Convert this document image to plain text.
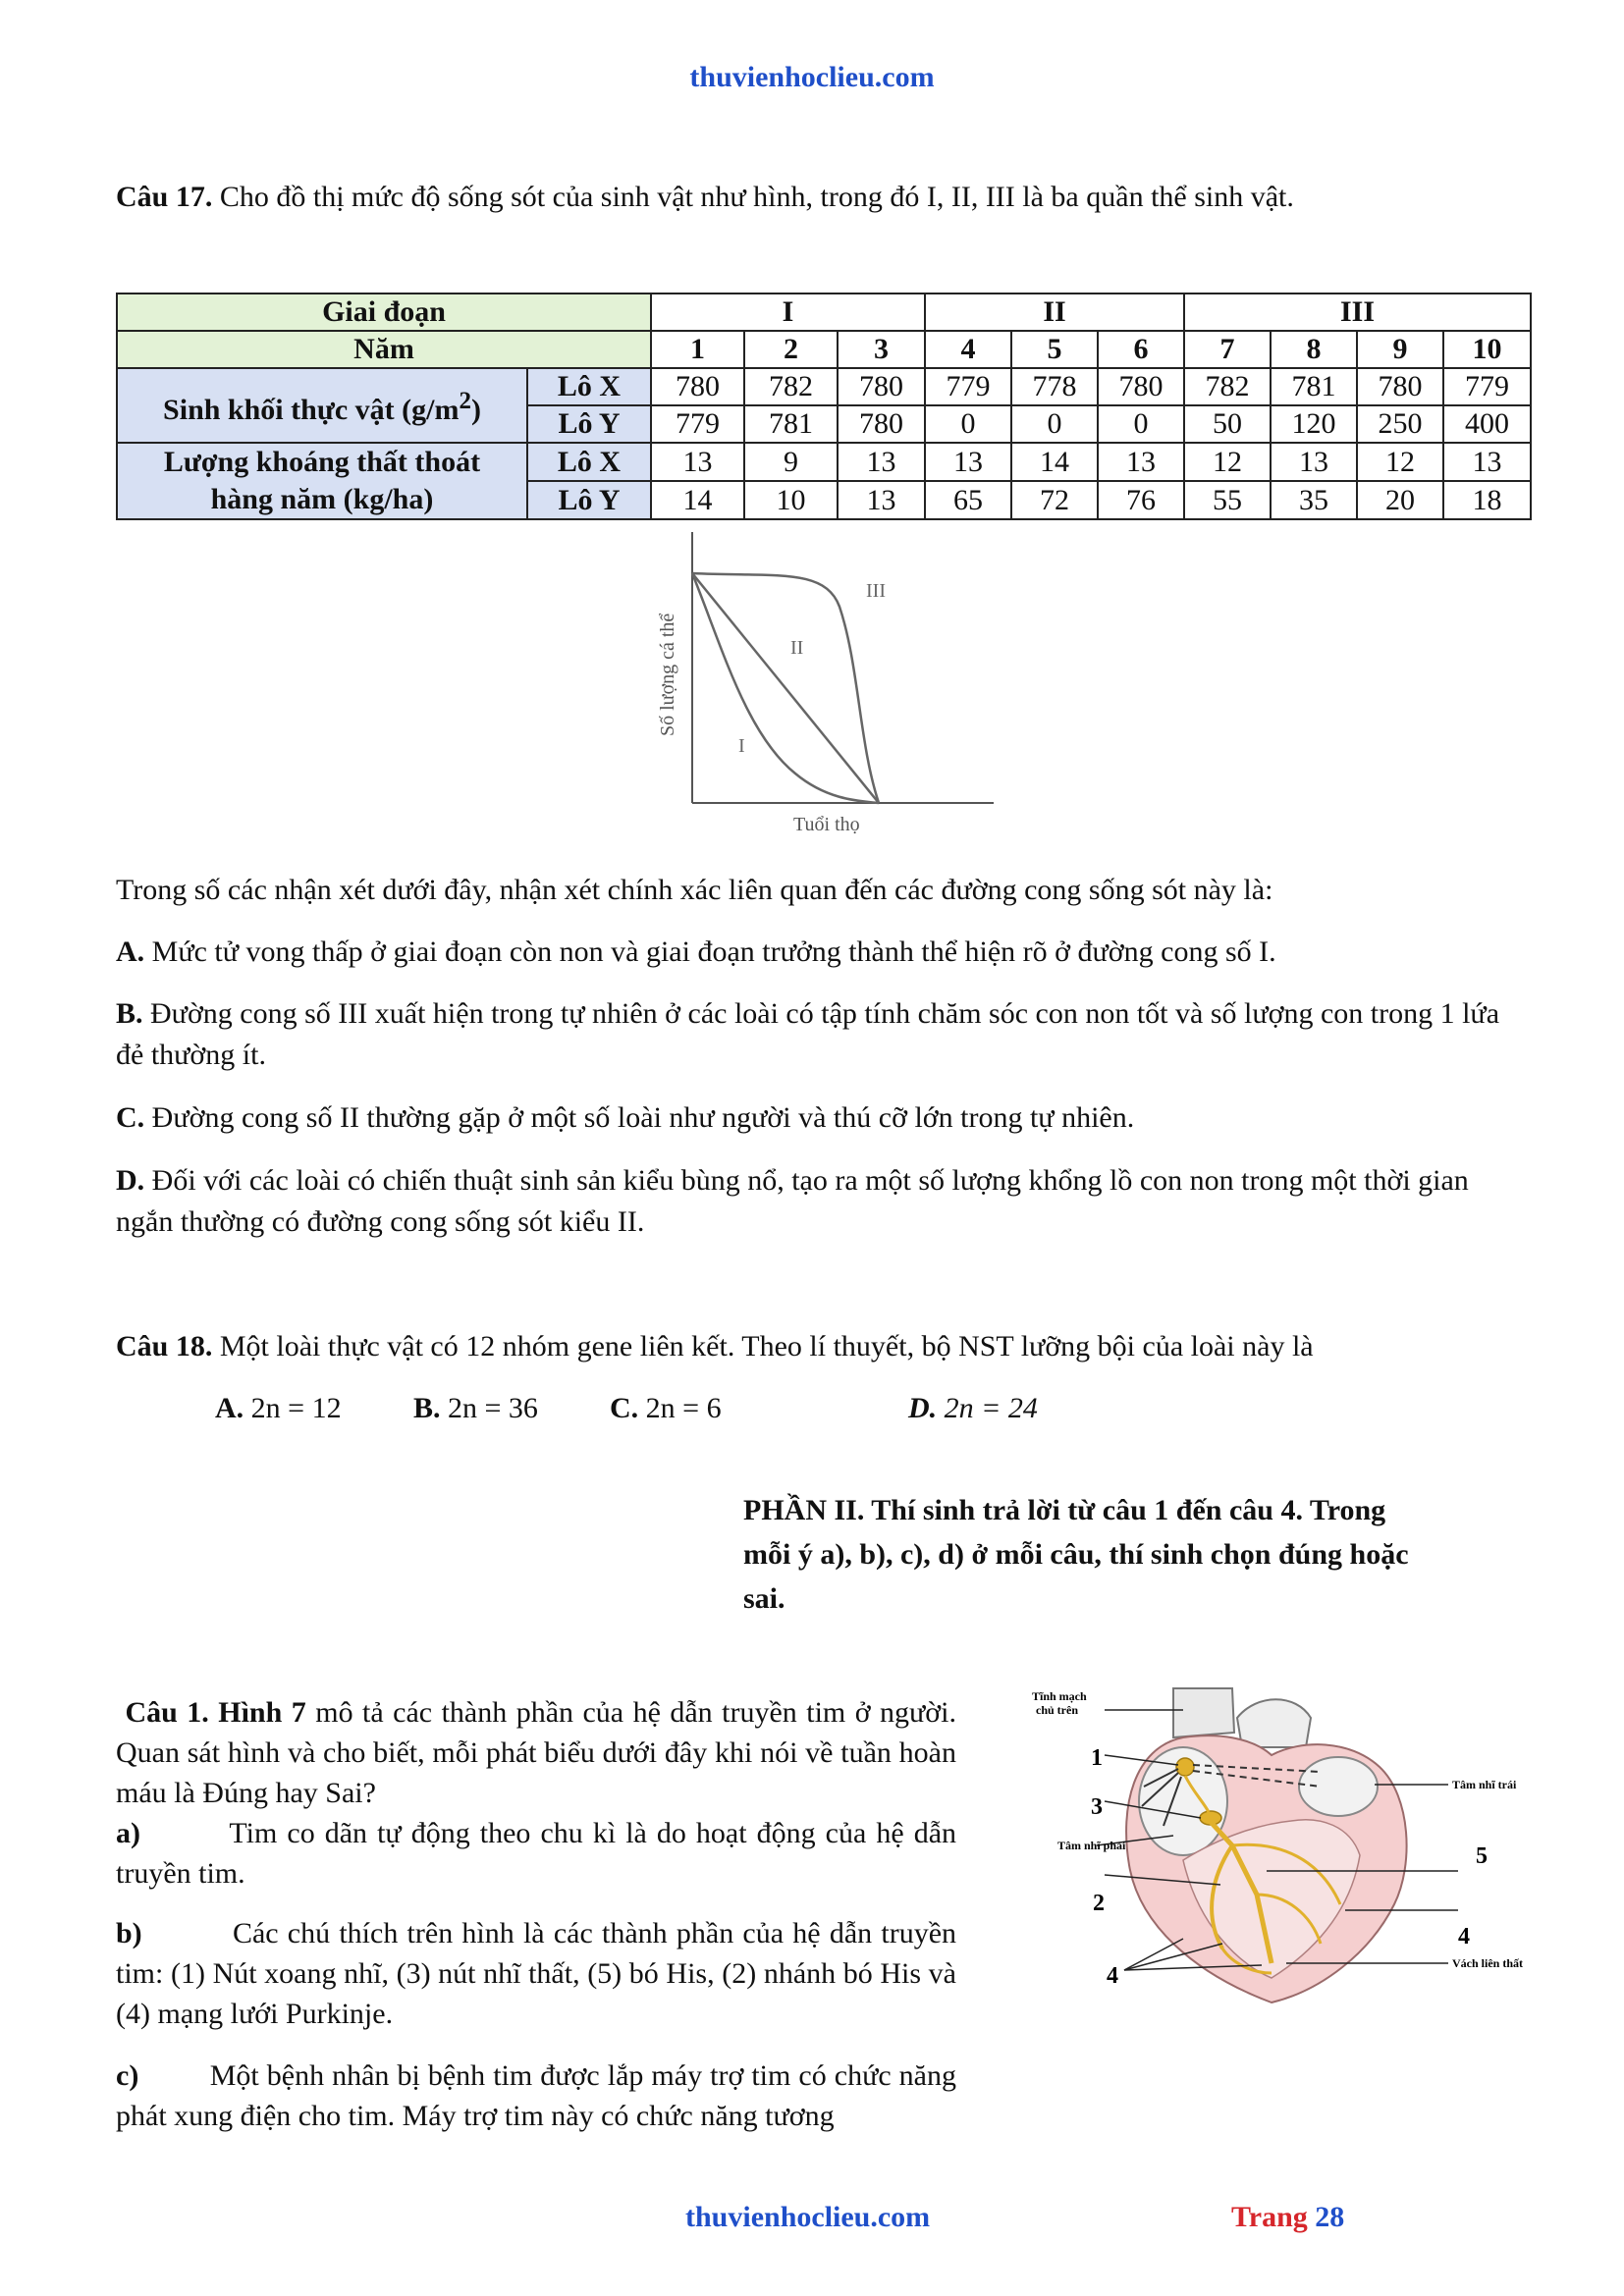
thuvienhoclieu.com
Câu 17. Cho đồ thị mức độ sống sót của sinh vật như hình, trong đó I, II, III là ba quần thể sinh vật.
Giai đoạn		I			II			III			
Năm		1	2	3	4	5	6	7	8	9	10
Sinh khối thực vật $(g/m^2)$	Lô X	780	782	780	779	778	780	782	781	780	779
	Lô Y	779	781	780	0	0	0	50	120	250	400
Lượng khoáng thất thoát
hàng năm (kg/ha)	Lô X	13	9	13	13	14	13	12	13	12	13
	Lô Y	14	10	13	65	72	76	55	35	20	18
III
II
I
Số lượng cá thể
Tuổi thọ
Trong số các nhận xét dưới đây, nhận xét chính xác liên quan đến các đường cong sống sót này là:
A. Mức tử vong thấp ở giai đoạn còn non và giai đoạn trưởng thành thể hiện rõ ở đường cong số I.
B. Đường cong số III xuất hiện trong tự nhiên ở các loài có tập tính chăm sóc con non tốt và số lượng con trong 1 lứa đẻ thường ít.
C. Đường cong số II thường gặp ở một số loài như người và thú cỡ lớn trong tự nhiên.
D. Đối với các loài có chiến thuật sinh sản kiểu bùng nổ, tạo ra một số lượng khổng lồ con non trong một thời gian ngắn thường có đường cong sống sót kiểu II.
Câu 18. Một loài thực vật có 12 nhóm gene liên kết. Theo lí thuyết, bộ NST lưỡng bội của loài này là
A. 2n = 12 B. 2n = 36 C. 2n = 6	D. 2n = 24
PHẦN II. Thí sinh trả lời từ câu 1 đến câu 4. Trong
mỗi ý a), b), c), d) ở mỗi câu, thí sinh chọn đúng hoặc
sai.
Câu 1. Hình 7 mô tả các thành phần của hệ dẫn truyền tim ở người. Quan sát hình và cho biết, mỗi phát biểu dưới đây khi nói về tuần hoàn máu là Đúng hay Sai?
a)	Tim co dãn tự động theo chu kì là do hoạt động của hệ dẫn truyền tim.
b)	Các chú thích trên hình là các thành phần của hệ dẫn truyền tim: (1) Nút xoang nhĩ, (3) nút nhĩ thất, (5) bó His, (2) nhánh bó His và (4) mạng lưới Purkinje.
c) Một bệnh nhân bị bệnh tim được lắp máy trợ tim có chức năng phát xung điện cho tim. Máy trợ tim này có chức năng tương
Tĩnh mạch
chủ trên
Tâm nhĩ trái
Tâm nhĩ phải
Vách liên thất
1
3
2
4
5
4
thuvienhoclieu.com	Trang 28
